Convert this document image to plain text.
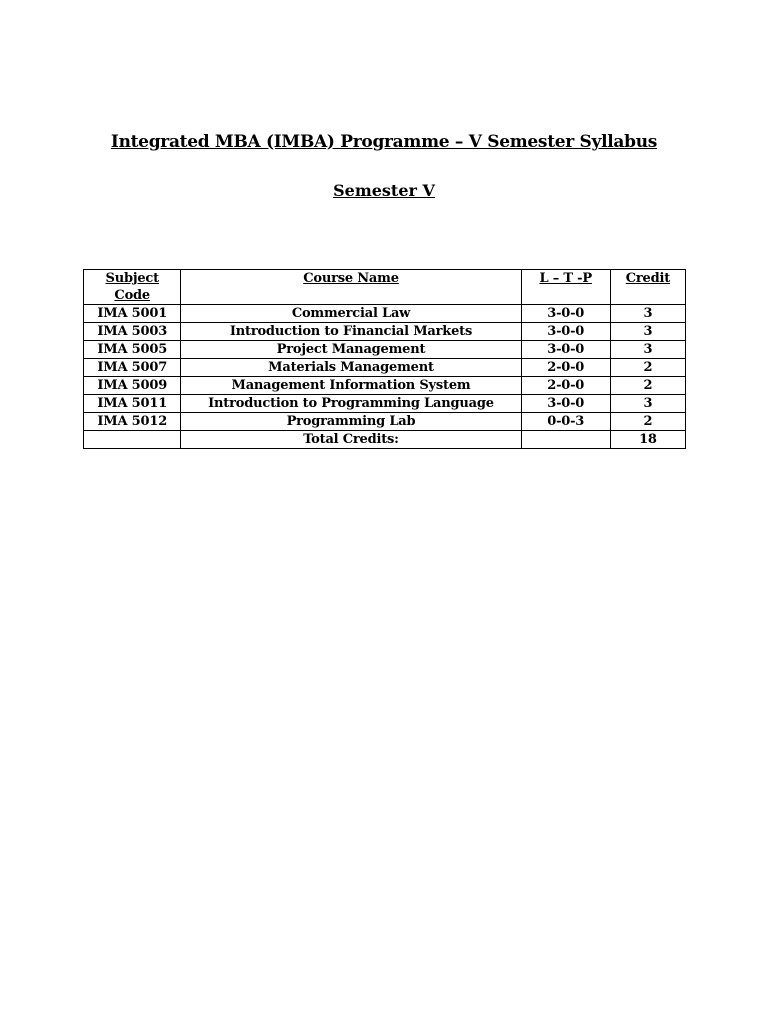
Integrated MBA (IMBA) Programme – V Semester Syllabus
Semester V
Subject
Code	Course Name	L – T -P	Credit
IMA 5001	Commercial Law	3-0-0	3
IMA 5003	Introduction to Financial Markets	3-0-0	3
IMA 5005	Project Management	3-0-0	3
IMA 5007	Materials Management	2-0-0	2
IMA 5009	Management Information System	2-0-0	2
IMA 5011	Introduction to Programming Language	3-0-0	3
IMA 5012	Programming Lab	0-0-3	2
	Total Credits:		18
